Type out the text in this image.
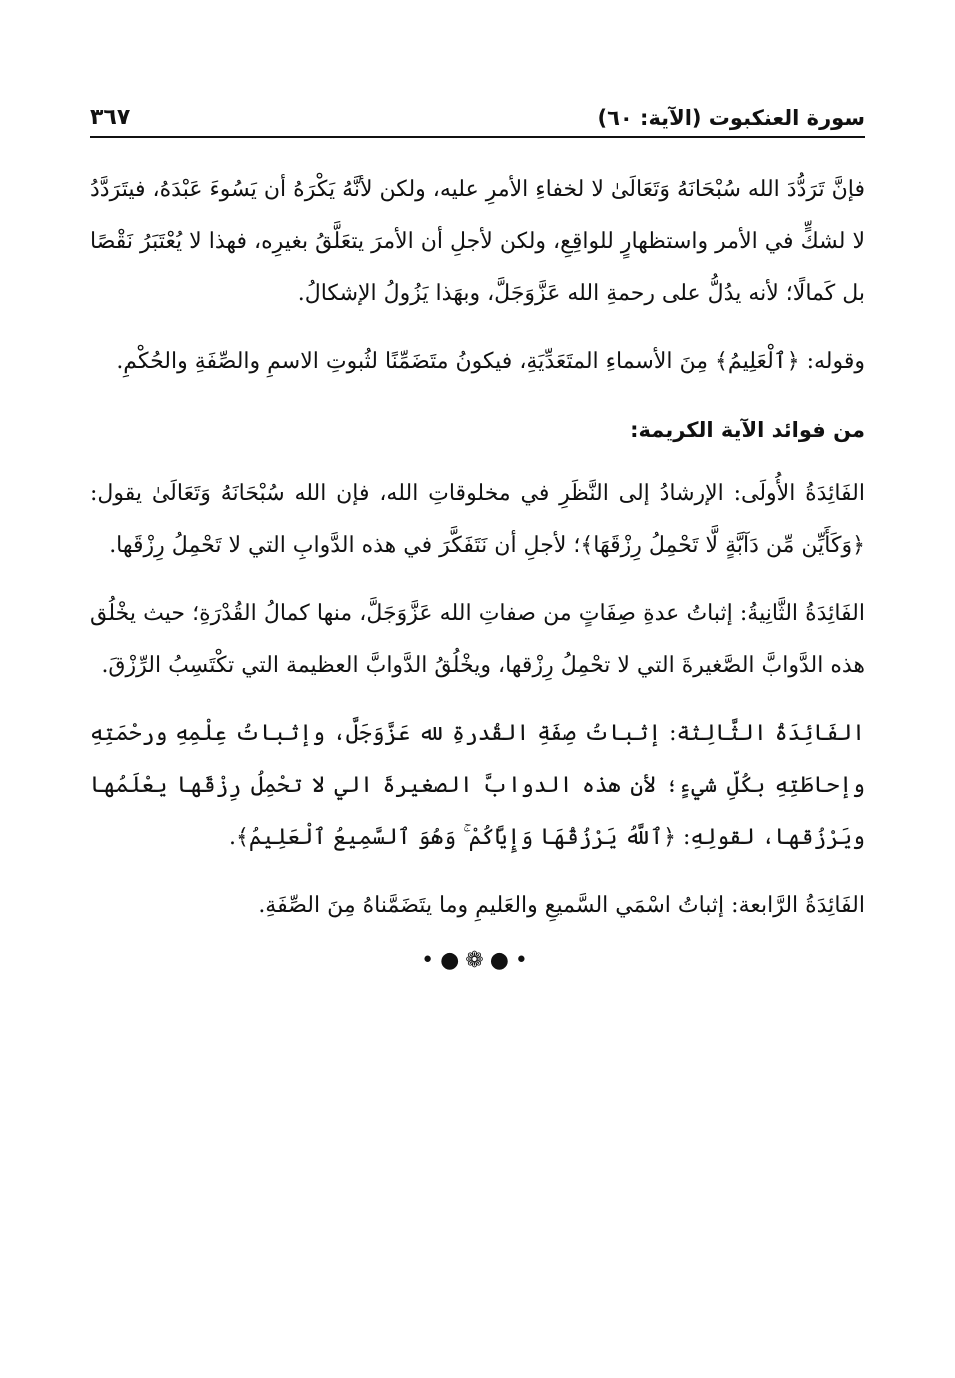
سورة العنكبوت (الآية: ٦٠)
٣٦٧

فإنَّ تَرَدُّدَ الله سُبْحَانَهُ وَتَعَالَىٰ لا لخفاءِ الأمرِ عليه، ولكن لأنَّهُ يَكْرَهُ أن يَسُوءَ عَبْدَهُ، فيتَرَدَّدُ لا لشكٍّ في الأمر واستظهارٍ للواقِعِ، ولكن لأجلِ أن الأمرَ يتعَلَّقُ بغيرِه، فهذا لا يُعْتَبَرُ نَقْصًا بل كَمالًا؛ لأنه يدُلُّ على رحمةِ الله عَزَّوَجَلَّ، وبهَذا يَزُولُ الإشكالُ.

وقوله: ﴿ٱلْعَلِيمُ﴾ مِنَ الأسماءِ المتَعَدِّيَةِ، فيكونُ متَضَمِّنًا لثُبوتِ الاسمِ والصِّفَةِ والحُكْمِ.

من فوائد الآية الكريمة:

الفَائِدَةُ الأُولَى: الإرشادُ إلى النَّظَرِ في مخلوقاتِ الله، فإن الله سُبْحَانَهُ وَتَعَالَىٰ يقول: ﴿وَكَأَيِّن مِّن دَآبَّةٍ لَّا تَحْمِلُ رِزْقَهَا﴾؛ لأجلِ أن نَتَفَكَّرَ في هذه الدَّوابِ التي لا تَحْمِلُ رِزْقَها.

الفَائِدَةُ الثَّانِيةُ: إثباتُ عدةِ صِفَاتٍ من صفاتِ الله عَزَّوَجَلَّ، منها كمالُ القُدْرَةِ؛ حيث يخْلُق هذه الدَّوابَّ الصَّغيرةَ التي لا تحْمِلُ رِزْقها، ويخْلُقُ الدَّوابَّ العظيمة التي تكْتَسِبُ الرِّزْقَ.

الفَائِدَةُ الثَّالِثة: إثباتُ صِفَةِ القُدرةِ لله عَزَّوَجَلَّ، وإثباتُ عِلْمِهِ ورحْمَتِهِ وإحاطَتِهِ بكُلِّ شيءٍ؛ لأن هذه الدوابَّ الصغيرةَ الي لا تحْمِلُ رِزْقَها يعْلَمُها ويَرْزُقها، لقولِهِ: ﴿ٱللَّهُ يَرْزُقُهَا وَإِيَّاكُمْ ۚ وَهُوَ ٱلسَّمِيعُ ٱلْعَلِيمُ﴾.

الفَائِدَةُ الرَّابعة: إثباتُ اسْمَي السَّميعِ والعَليمِ وما يتَضَمَّناهُ مِنَ الصِّفَةِ.

•●❁●•
